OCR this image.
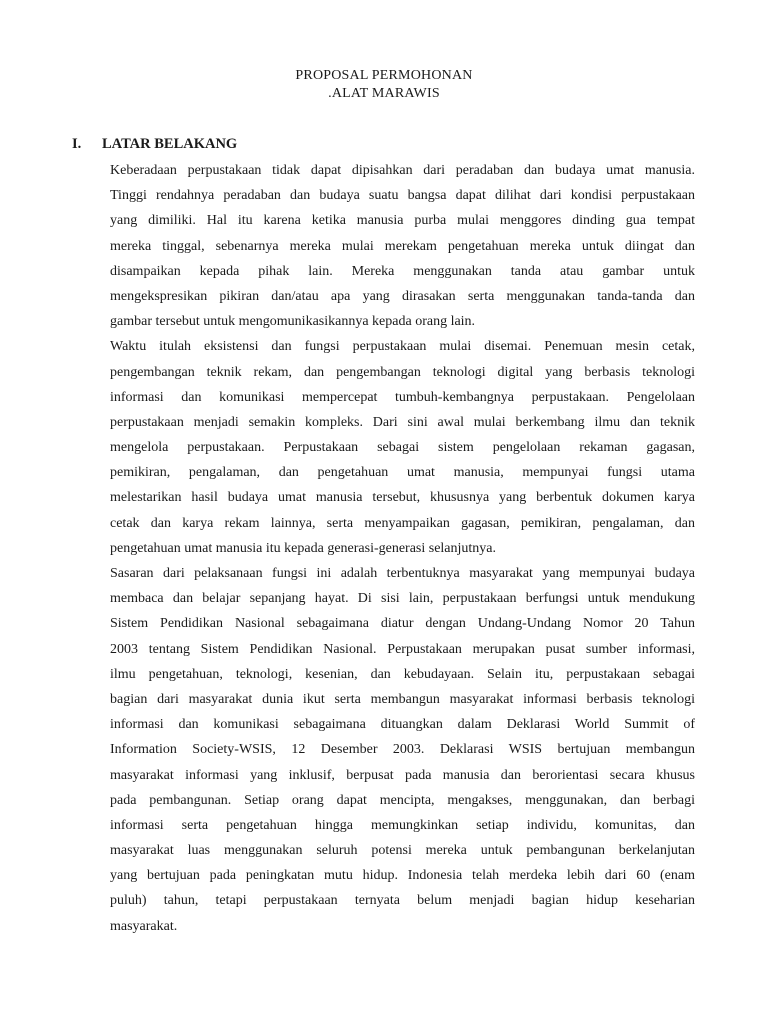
PROPOSAL PERMOHONAN
.ALAT MARAWIS
I. LATAR BELAKANG
Keberadaan perpustakaan tidak dapat dipisahkan dari peradaban dan budaya umat manusia.
Tinggi rendahnya peradaban dan budaya suatu bangsa dapat dilihat dari kondisi perpustakaan
yang dimiliki. Hal itu karena ketika manusia purba mulai menggores dinding gua tempat
mereka tinggal, sebenarnya mereka mulai merekam pengetahuan mereka untuk diingat dan
disampaikan kepada pihak lain. Mereka menggunakan tanda atau gambar untuk
mengekspresikan pikiran dan/atau apa yang dirasakan serta menggunakan tanda-tanda dan
gambar tersebut untuk mengomunikasikannya kepada orang lain.
Waktu itulah eksistensi dan fungsi perpustakaan mulai disemai. Penemuan mesin cetak,
pengembangan teknik rekam, dan pengembangan teknologi digital yang berbasis teknologi
informasi dan komunikasi mempercepat tumbuh-kembangnya perpustakaan. Pengelolaan
perpustakaan menjadi semakin kompleks. Dari sini awal mulai berkembang ilmu dan teknik
mengelola perpustakaan. Perpustakaan sebagai sistem pengelolaan rekaman gagasan,
pemikiran, pengalaman, dan pengetahuan umat manusia, mempunyai fungsi utama
melestarikan hasil budaya umat manusia tersebut, khususnya yang berbentuk dokumen karya
cetak dan karya rekam lainnya, serta menyampaikan gagasan, pemikiran, pengalaman, dan
pengetahuan umat manusia itu kepada generasi-generasi selanjutnya.
Sasaran dari pelaksanaan fungsi ini adalah terbentuknya masyarakat yang mempunyai budaya
membaca dan belajar sepanjang hayat. Di sisi lain, perpustakaan berfungsi untuk mendukung
Sistem Pendidikan Nasional sebagaimana diatur dengan Undang-Undang Nomor 20 Tahun
2003 tentang Sistem Pendidikan Nasional. Perpustakaan merupakan pusat sumber informasi,
ilmu pengetahuan, teknologi, kesenian, dan kebudayaan. Selain itu, perpustakaan sebagai
bagian dari masyarakat dunia ikut serta membangun masyarakat informasi berbasis teknologi
informasi dan komunikasi sebagaimana dituangkan dalam Deklarasi World Summit of
Information Society-WSIS, 12 Desember 2003. Deklarasi WSIS bertujuan membangun
masyarakat informasi yang inklusif, berpusat pada manusia dan berorientasi secara khusus
pada pembangunan. Setiap orang dapat mencipta, mengakses, menggunakan, dan berbagi
informasi serta pengetahuan hingga memungkinkan setiap individu, komunitas, dan
masyarakat luas menggunakan seluruh potensi mereka untuk pembangunan berkelanjutan
yang bertujuan pada peningkatan mutu hidup. Indonesia telah merdeka lebih dari 60 (enam
puluh) tahun, tetapi perpustakaan ternyata belum menjadi bagian hidup keseharian
masyarakat.
